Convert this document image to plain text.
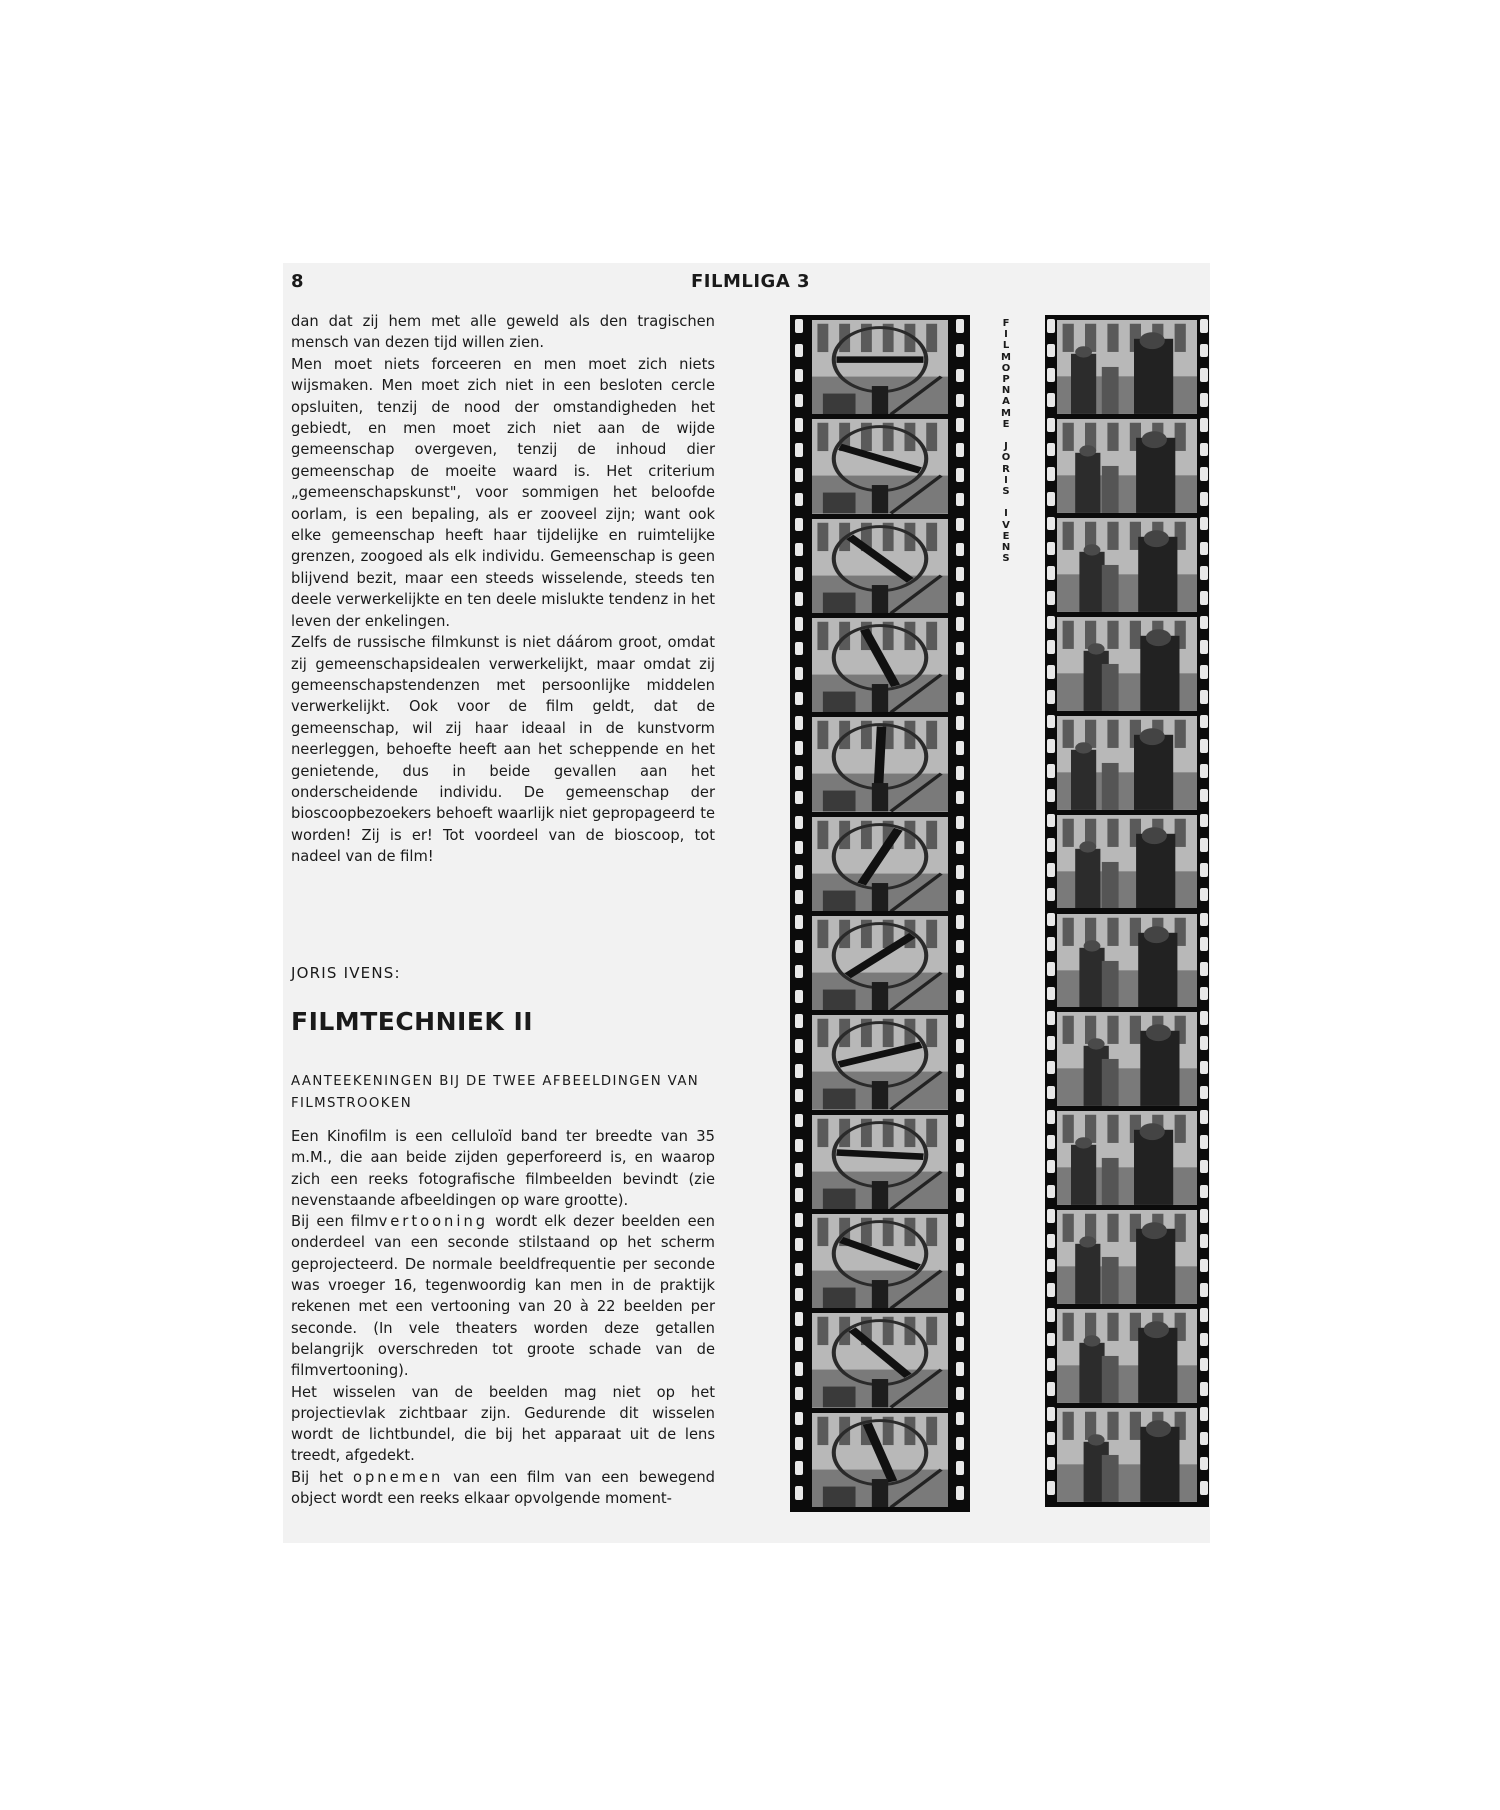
8	FILMLIGA 3

dan dat zij hem met alle geweld als den tragischen mensch van dezen tijd willen zien.

Men moet niets forceeren en men moet zich niets wijsmaken. Men moet zich niet in een besloten cercle opsluiten, tenzij de nood der omstandigheden het gebiedt, en men moet zich niet aan de wijde gemeenschap overgeven, tenzij de inhoud dier gemeenschap de moeite waard is. Het criterium „gemeenschapskunst", voor sommigen het beloofde oorlam, is een bepaling, als er zooveel zijn; want ook elke gemeenschap heeft haar tijdelijke en ruimtelijke grenzen, zoogoed als elk individu. Gemeenschap is geen blijvend bezit, maar een steeds wisselende, steeds ten deele verwerkelijkte en ten deele mislukte tendenz in het leven der enkelingen.

Zelfs de russische filmkunst is niet dáárom groot, omdat zij gemeenschapsidealen verwerkelijkt, maar omdat zij gemeenschapstendenzen met persoonlijke middelen verwerkelijkt. Ook voor de film geldt, dat de gemeenschap, wil zij haar ideaal in de kunstvorm neerleggen, behoefte heeft aan het scheppende en het genietende, dus in beide gevallen aan het onderscheidende individu. De gemeenschap der bioscoopbezoekers behoeft waarlijk niet gepropageerd te worden! Zij is er! Tot voordeel van de bioscoop, tot nadeel van de film!

JORIS IVENS:
FILMTECHNIEK II
AANTEEKENINGEN BIJ DE TWEE AFBEELDINGEN VAN FILMSTROOKEN

Een Kinofilm is een celluloïd band ter breedte van 35 m.M., die aan beide zijden geperforeerd is, en waarop zich een reeks fotografische filmbeelden bevindt (zie nevenstaande afbeeldingen op ware grootte).

Bij een filmvertooning wordt elk dezer beelden een onderdeel van een seconde stilstaand op het scherm geprojecteerd. De normale beeldfrequentie per seconde was vroeger 16, tegenwoordig kan men in de praktijk rekenen met een vertooning van 20 à 22 beelden per seconde. (In vele theaters worden deze getallen belangrijk overschreden tot groote schade van de filmvertooning).

Het wisselen van de beelden mag niet op het projectievlak zichtbaar zijn. Gedurende dit wisselen wordt de lichtbundel, die bij het apparaat uit de lens treedt, afgedekt.

Bij het opnemen van een film van een bewegend object wordt een reeks elkaar opvolgende moment-

F
I
L
M
O
P
N
A
M
E

J
O
R
I
S

I
V
E
N
S
